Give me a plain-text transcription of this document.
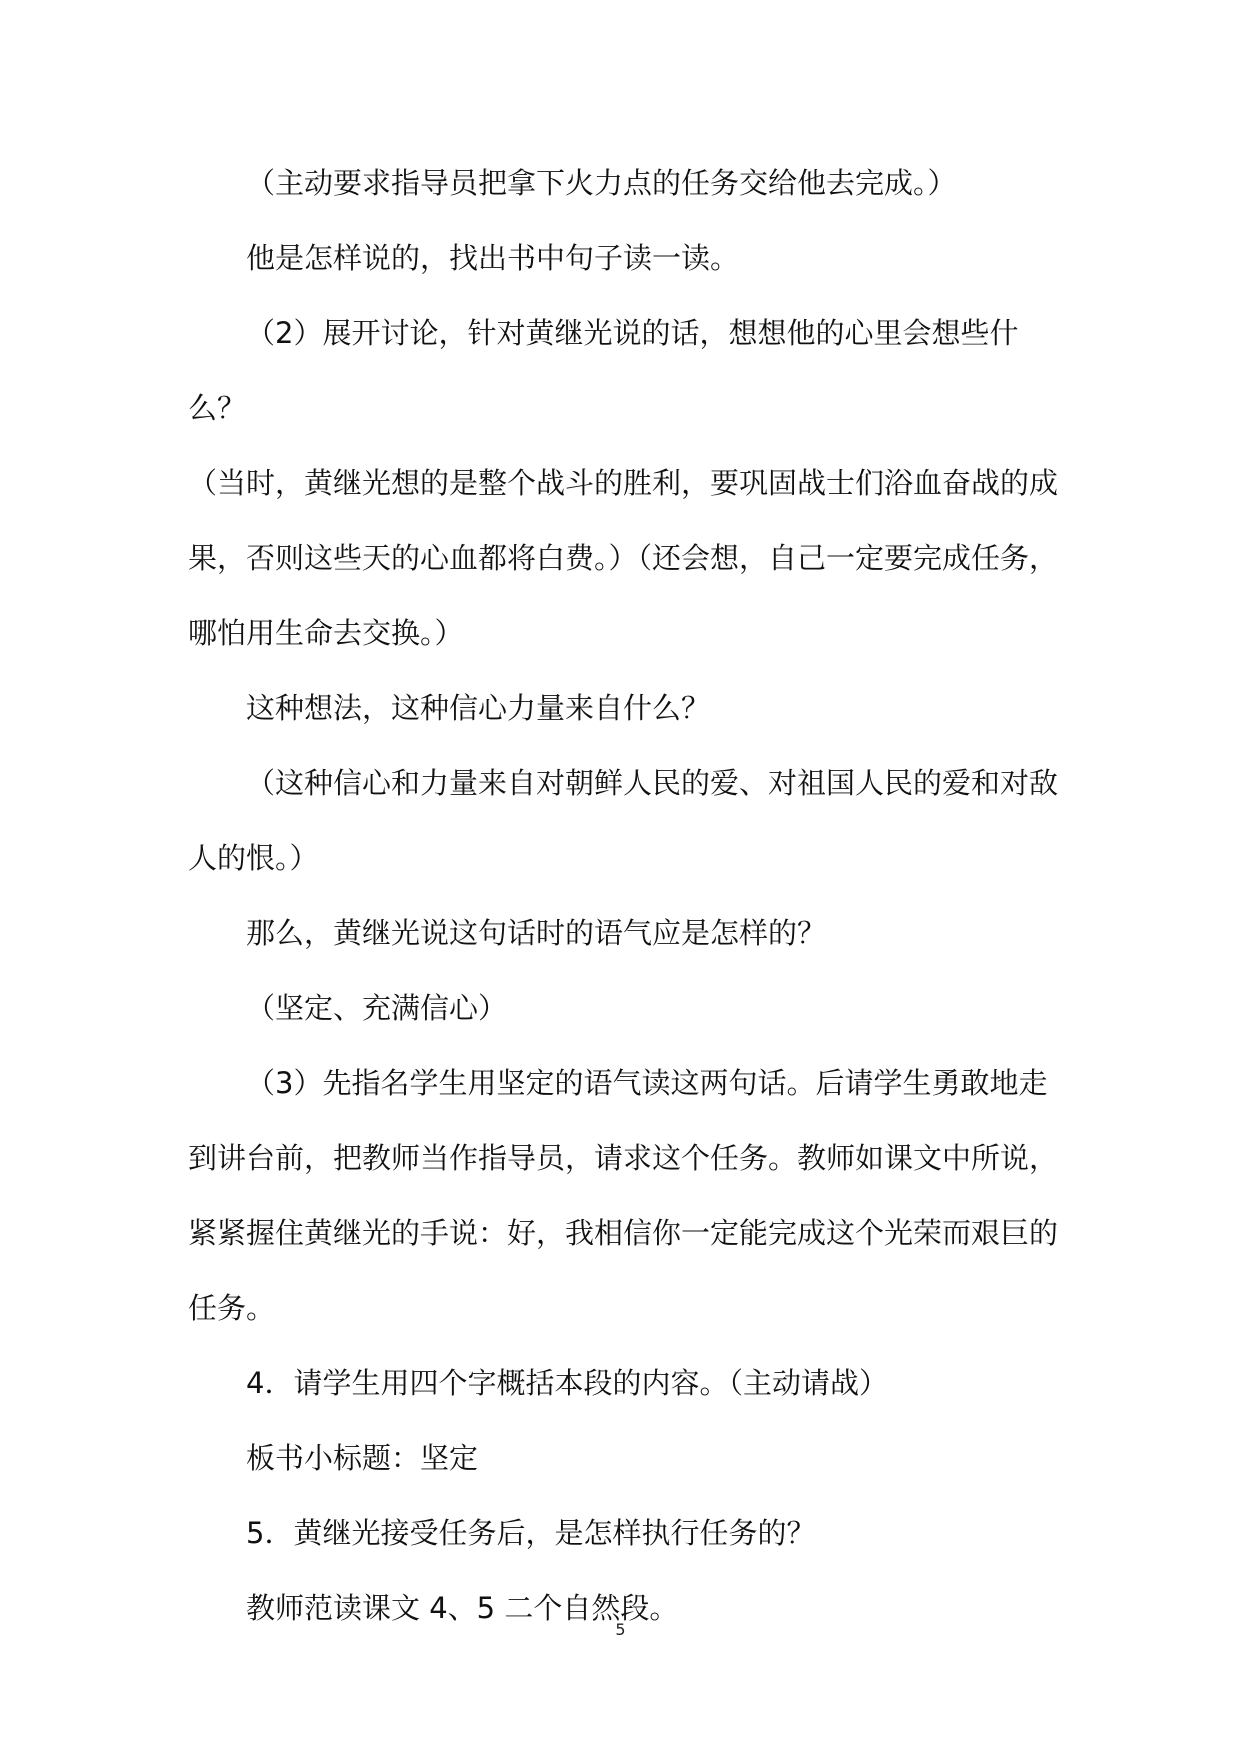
（主动要求指导员把拿下火力点的任务交给他去完成。）

他是怎样说的，找出书中句子读一读。

（2）展开讨论，针对黄继光说的话，想想他的心里会想些什么？

（当时，黄继光想的是整个战斗的胜利，要巩固战士们浴血奋战的成果，否则这些天的心血都将白费。）（还会想，自己一定要完成任务，哪怕用生命去交换。）

这种想法，这种信心力量来自什么？

（这种信心和力量来自对朝鲜人民的爱、对祖国人民的爱和对敌人的恨。）

那么，黄继光说这句话时的语气应是怎样的？

（坚定、充满信心）

（3）先指名学生用坚定的语气读这两句话。后请学生勇敢地走到讲台前，把教师当作指导员，请求这个任务。教师如课文中所说，紧紧握住黄继光的手说：好，我相信你一定能完成这个光荣而艰巨的任务。

4．请学生用四个字概括本段的内容。（主动请战）

板书小标题：坚定

5．黄继光接受任务后，是怎样执行任务的？

教师范读课文 4、5 二个自然段。

5
